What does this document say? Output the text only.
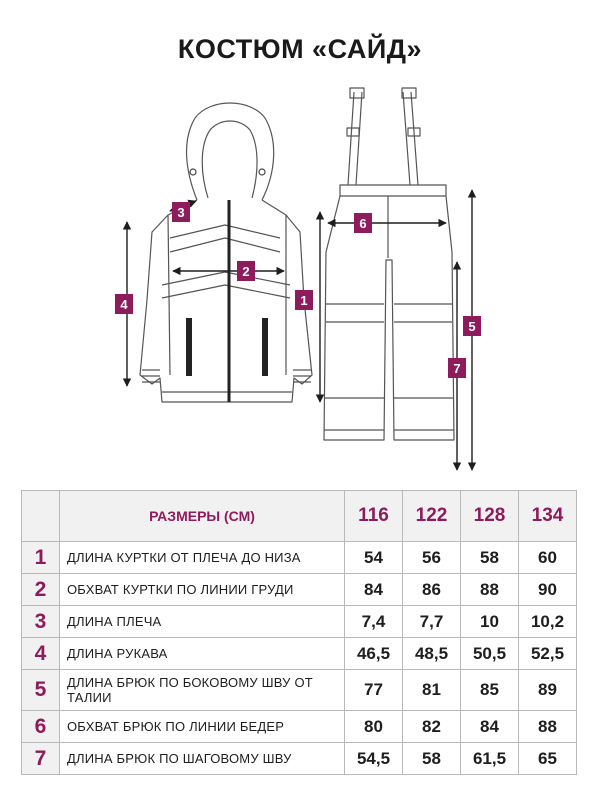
КОСТЮМ «САЙД»
1
2
3
4
5
6
7
	РАЗМЕРЫ (СМ)	116	122	128	134
1	ДЛИНА КУРТКИ ОТ ПЛЕЧА ДО НИЗА	54	56	58	60
2	ОБХВАТ КУРТКИ ПО ЛИНИИ ГРУДИ	84	86	88	90
3	ДЛИНА ПЛЕЧА	7,4	7,7	10	10,2
4	ДЛИНА РУКАВА	46,5	48,5	50,5	52,5
5	ДЛИНА БРЮК ПО БОКОВОМУ ШВУ ОТ ТАЛИИ	77	81	85	89
6	ОБХВАТ БРЮК ПО ЛИНИИ БЕДЕР	80	82	84	88
7	ДЛИНА БРЮК ПО ШАГОВОМУ ШВУ	54,5	58	61,5	65
